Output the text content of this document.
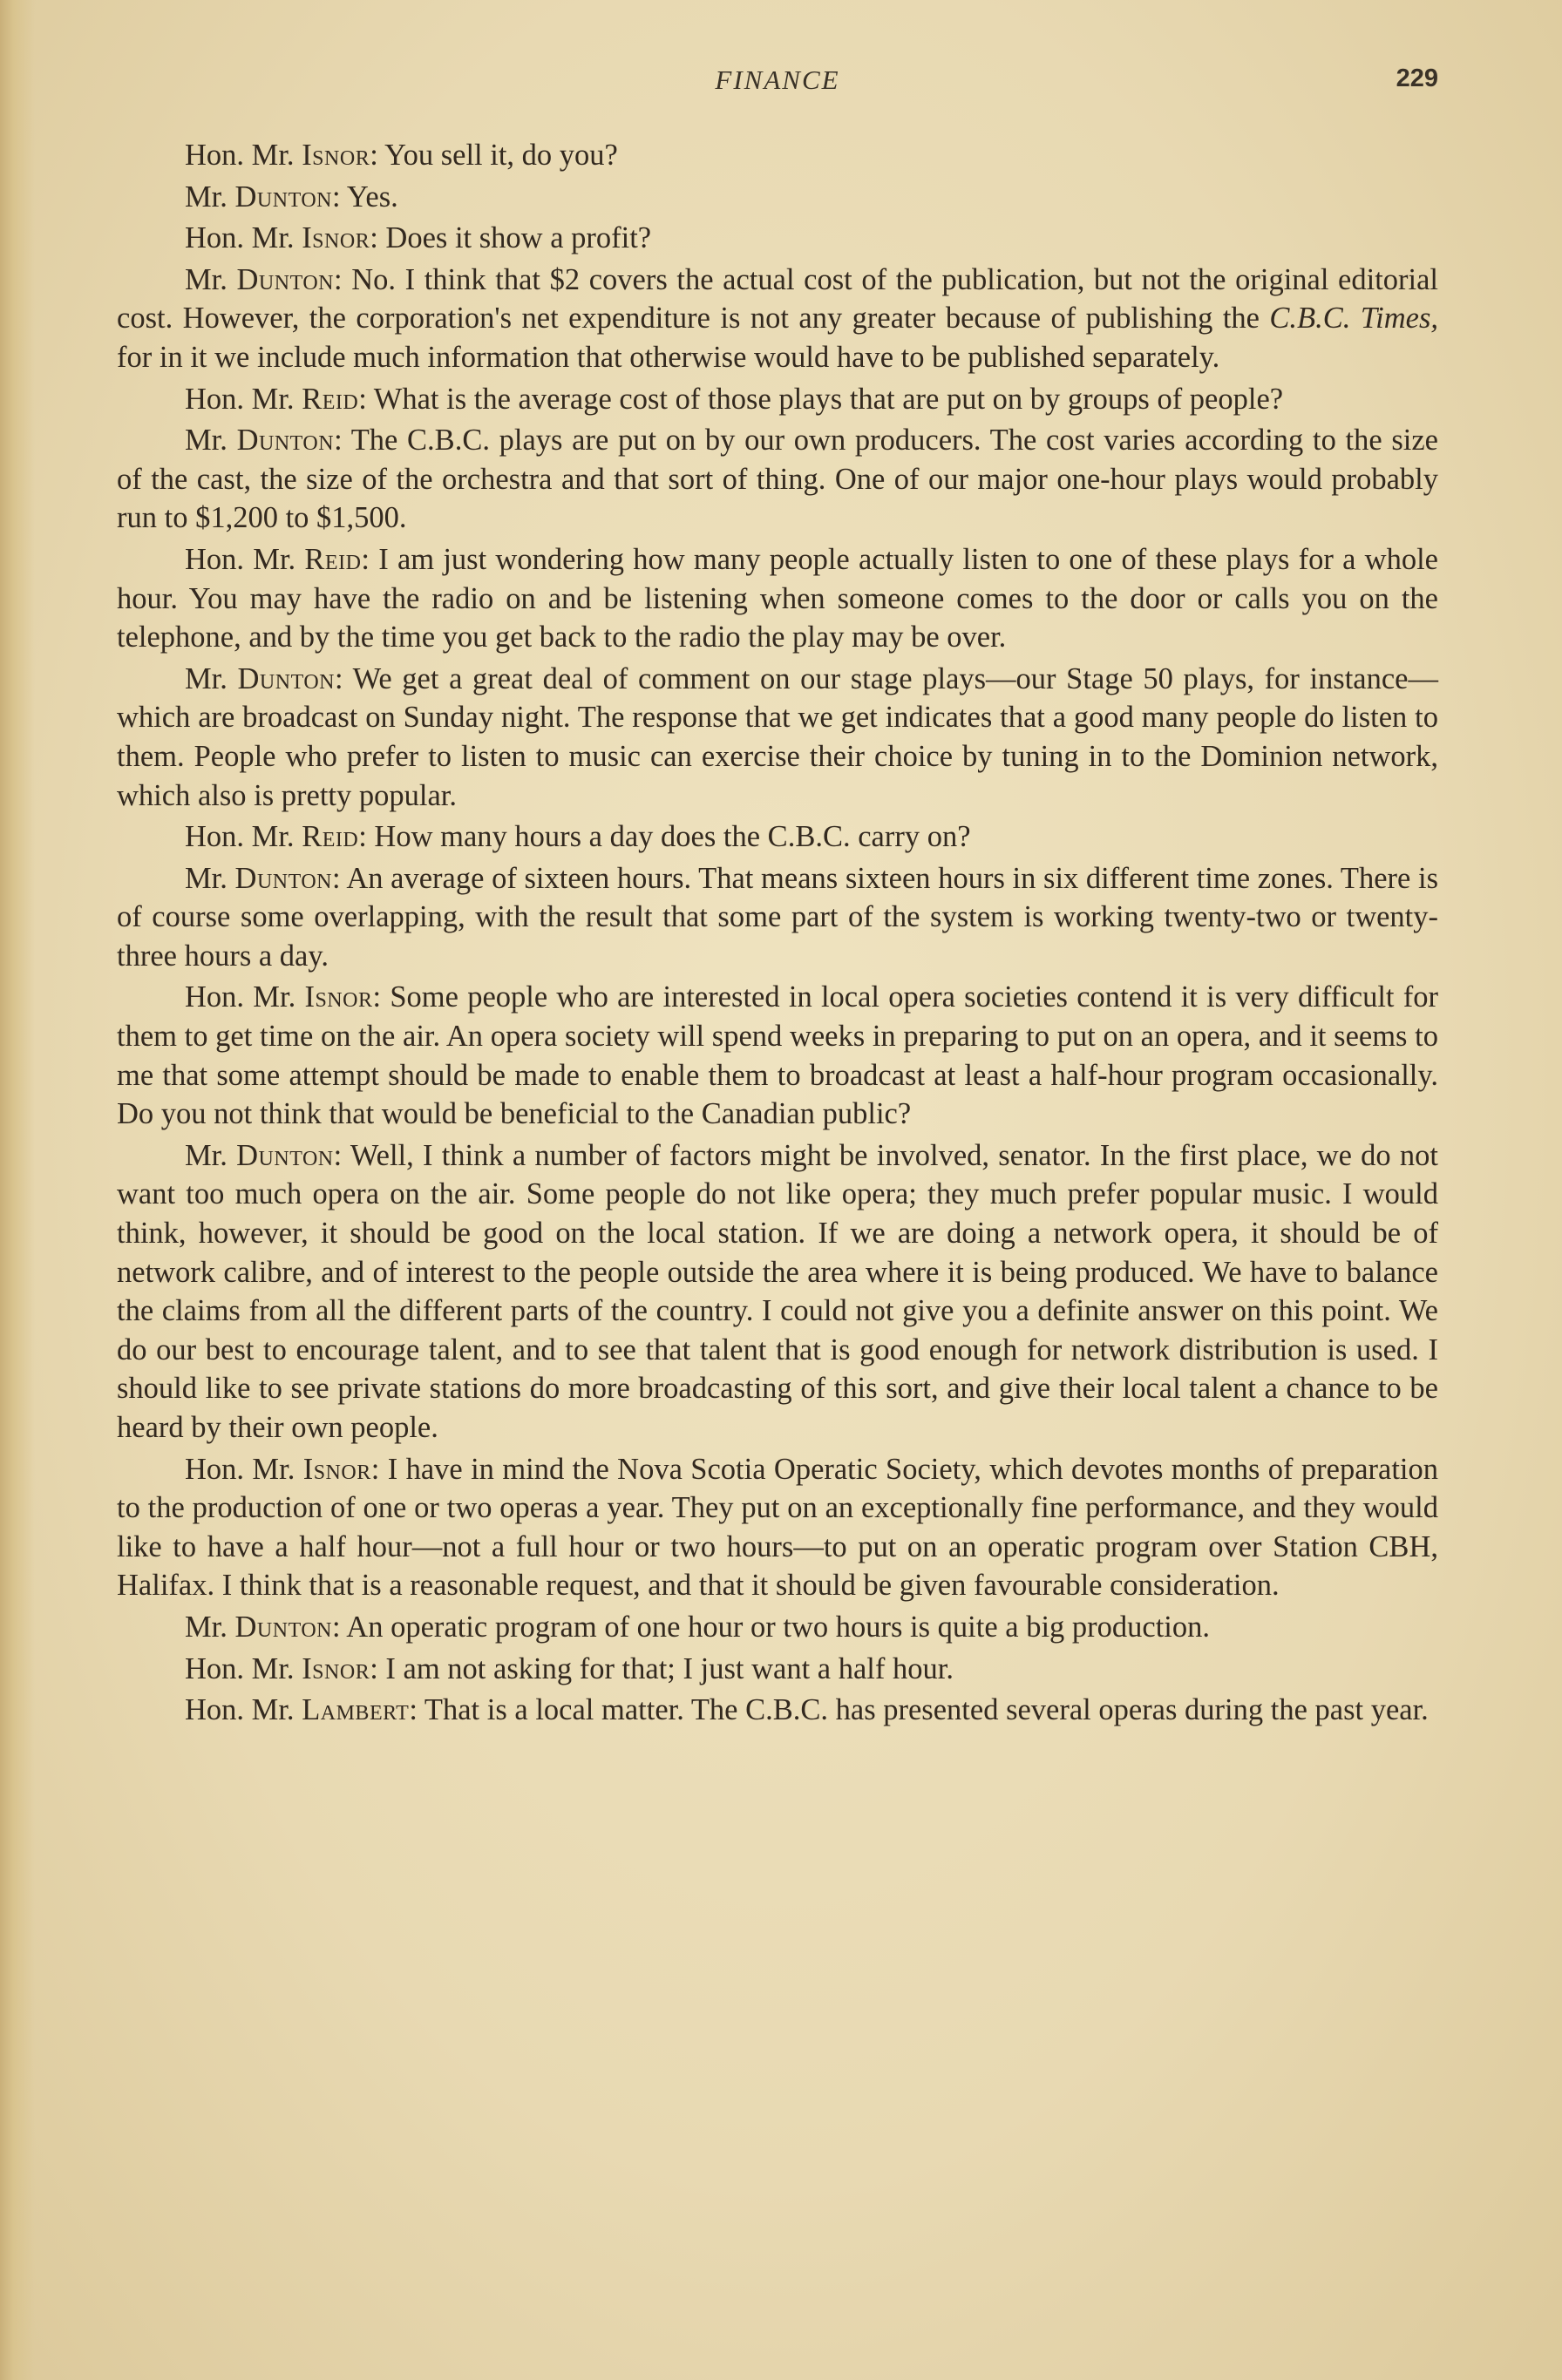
FINANCE	229

Hon. Mr. Isnor: You sell it, do you?

Mr. Dunton: Yes.

Hon. Mr. Isnor: Does it show a profit?

Mr. Dunton: No. I think that $2 covers the actual cost of the publication, but not the original editorial cost. However, the corporation's net expenditure is not any greater because of publishing the C.B.C. Times, for in it we include much information that otherwise would have to be published separately.

Hon. Mr. Reid: What is the average cost of those plays that are put on by groups of people?

Mr. Dunton: The C.B.C. plays are put on by our own producers. The cost varies according to the size of the cast, the size of the orchestra and that sort of thing. One of our major one-hour plays would probably run to $1,200 to $1,500.

Hon. Mr. Reid: I am just wondering how many people actually listen to one of these plays for a whole hour. You may have the radio on and be listening when someone comes to the door or calls you on the telephone, and by the time you get back to the radio the play may be over.

Mr. Dunton: We get a great deal of comment on our stage plays—our Stage 50 plays, for instance—which are broadcast on Sunday night. The response that we get indicates that a good many people do listen to them. People who prefer to listen to music can exercise their choice by tuning in to the Dominion network, which also is pretty popular.

Hon. Mr. Reid: How many hours a day does the C.B.C. carry on?

Mr. Dunton: An average of sixteen hours. That means sixteen hours in six different time zones. There is of course some overlapping, with the result that some part of the system is working twenty-two or twenty-three hours a day.

Hon. Mr. Isnor: Some people who are interested in local opera societies contend it is very difficult for them to get time on the air. An opera society will spend weeks in preparing to put on an opera, and it seems to me that some attempt should be made to enable them to broadcast at least a half-hour program occasionally. Do you not think that would be beneficial to the Canadian public?

Mr. Dunton: Well, I think a number of factors might be involved, senator. In the first place, we do not want too much opera on the air. Some people do not like opera; they much prefer popular music. I would think, however, it should be good on the local station. If we are doing a network opera, it should be of network calibre, and of interest to the people outside the area where it is being produced. We have to balance the claims from all the different parts of the country. I could not give you a definite answer on this point. We do our best to encourage talent, and to see that talent that is good enough for network distribution is used. I should like to see private stations do more broadcasting of this sort, and give their local talent a chance to be heard by their own people.

Hon. Mr. Isnor: I have in mind the Nova Scotia Operatic Society, which devotes months of preparation to the production of one or two operas a year. They put on an exceptionally fine performance, and they would like to have a half hour—not a full hour or two hours—to put on an operatic program over Station CBH, Halifax. I think that is a reasonable request, and that it should be given favourable consideration.

Mr. Dunton: An operatic program of one hour or two hours is quite a big production.

Hon. Mr. Isnor: I am not asking for that; I just want a half hour.

Hon. Mr. Lambert: That is a local matter. The C.B.C. has presented several operas during the past year.
